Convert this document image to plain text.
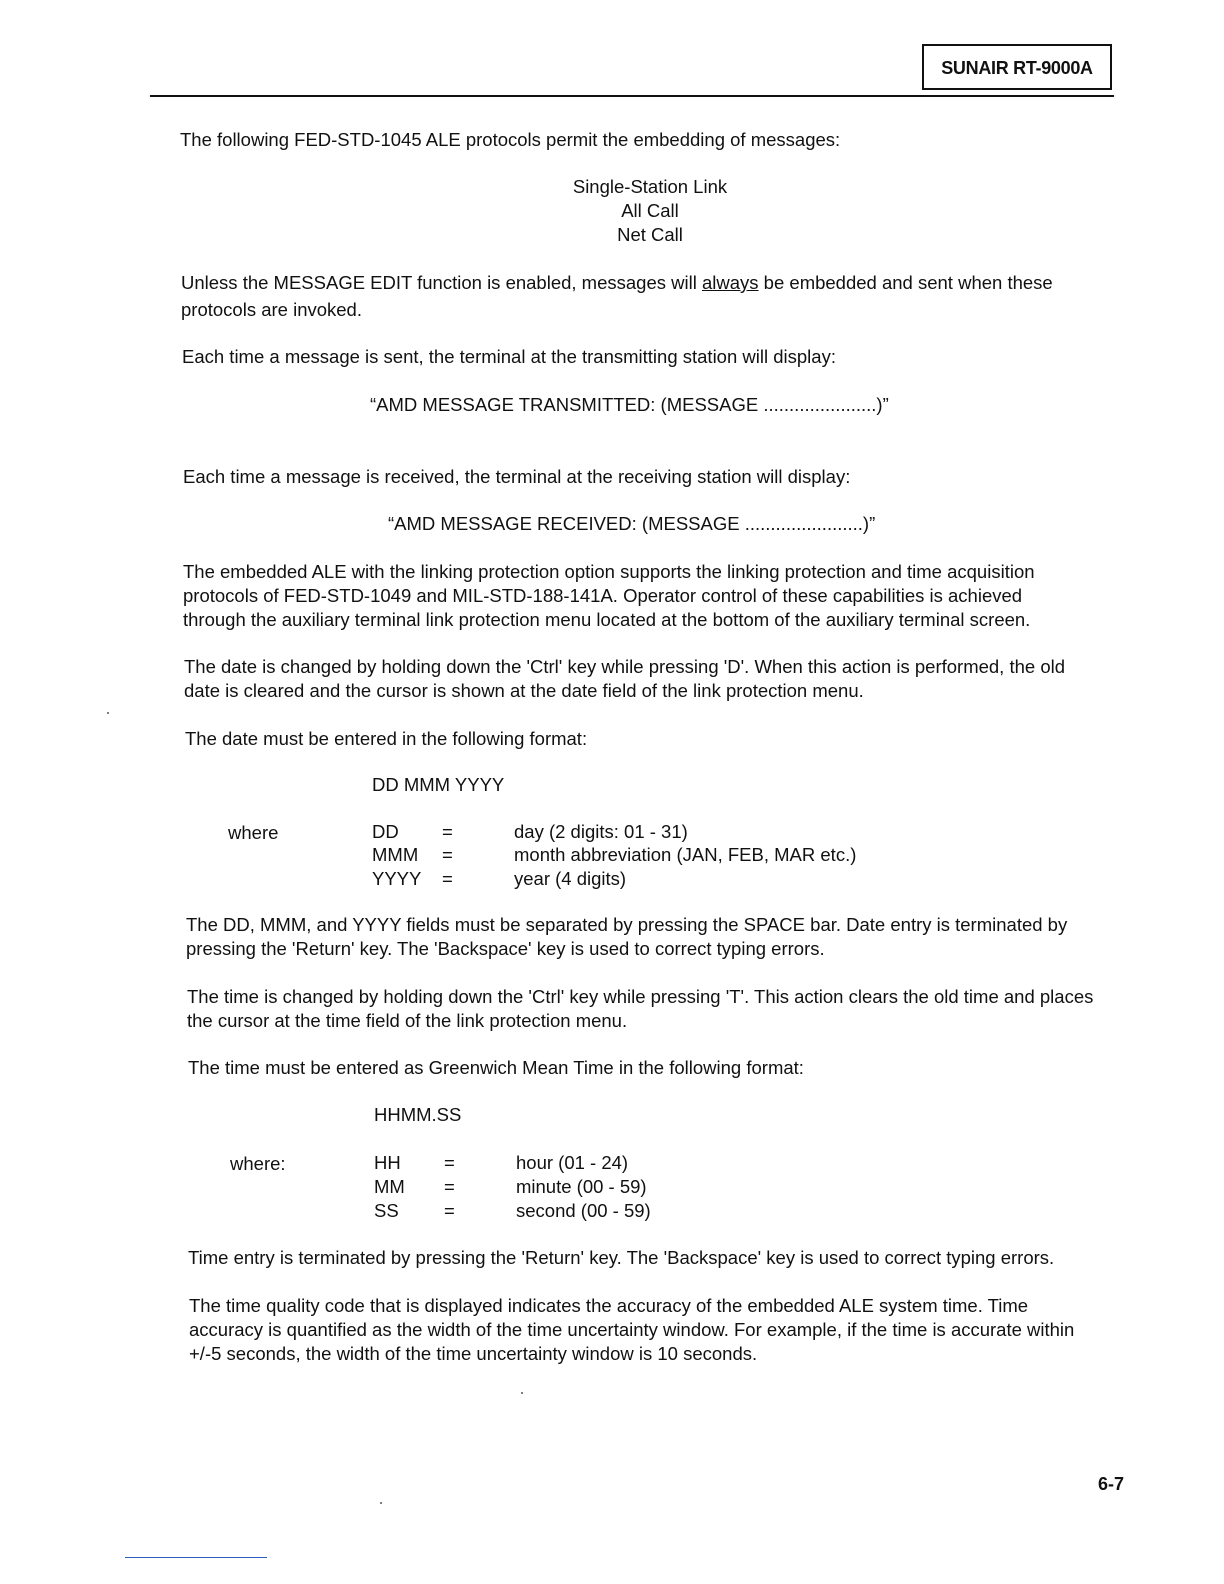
SUNAIR RT-9000A
The following FED-STD-1045 ALE protocols permit the embedding of messages:
Single-Station Link
All Call
Net Call
Unless the MESSAGE EDIT function is enabled, messages will always be embedded and sent when these
protocols are invoked.
Each time a message is sent, the terminal at the transmitting station will display:
“AMD MESSAGE TRANSMITTED: (MESSAGE ......................)”
Each time a message is received, the terminal at the receiving station will display:
“AMD MESSAGE RECEIVED: (MESSAGE .......................)”
The embedded ALE with the linking protection option supports the linking protection and time acquisition
protocols of FED-STD-1049 and MIL-STD-188-141A. Operator control of these capabilities is achieved
through the auxiliary terminal link protection menu located at the bottom of the auxiliary terminal screen.
The date is changed by holding down the 'Ctrl' key while pressing 'D'. When this action is performed, the old
date is cleared and the cursor is shown at the date field of the link protection menu.
The date must be entered in the following format:
DD MMM YYYY
where	DD =	day (2 digits: 01 - 31)
MMM =	month abbreviation (JAN, FEB, MAR etc.)
YYYY =	year (4 digits)
The DD, MMM, and YYYY fields must be separated by pressing the SPACE bar. Date entry is terminated by
pressing the 'Return' key. The 'Backspace' key is used to correct typing errors.
The time is changed by holding down the 'Ctrl' key while pressing 'T'. This action clears the old time and places
the cursor at the time field of the link protection menu.
The time must be entered as Greenwich Mean Time in the following format:
HHMM.SS
where:	HH =	hour (01 - 24)
MM =	minute (00 - 59)
SS =	second (00 - 59)
Time entry is terminated by pressing the 'Return' key. The 'Backspace' key is used to correct typing errors.
The time quality code that is displayed indicates the accuracy of the embedded ALE system time. Time
accuracy is quantified as the width of the time uncertainty window. For example, if the time is accurate within
+/-5 seconds, the width of the time uncertainty window is 10 seconds.
6-7
